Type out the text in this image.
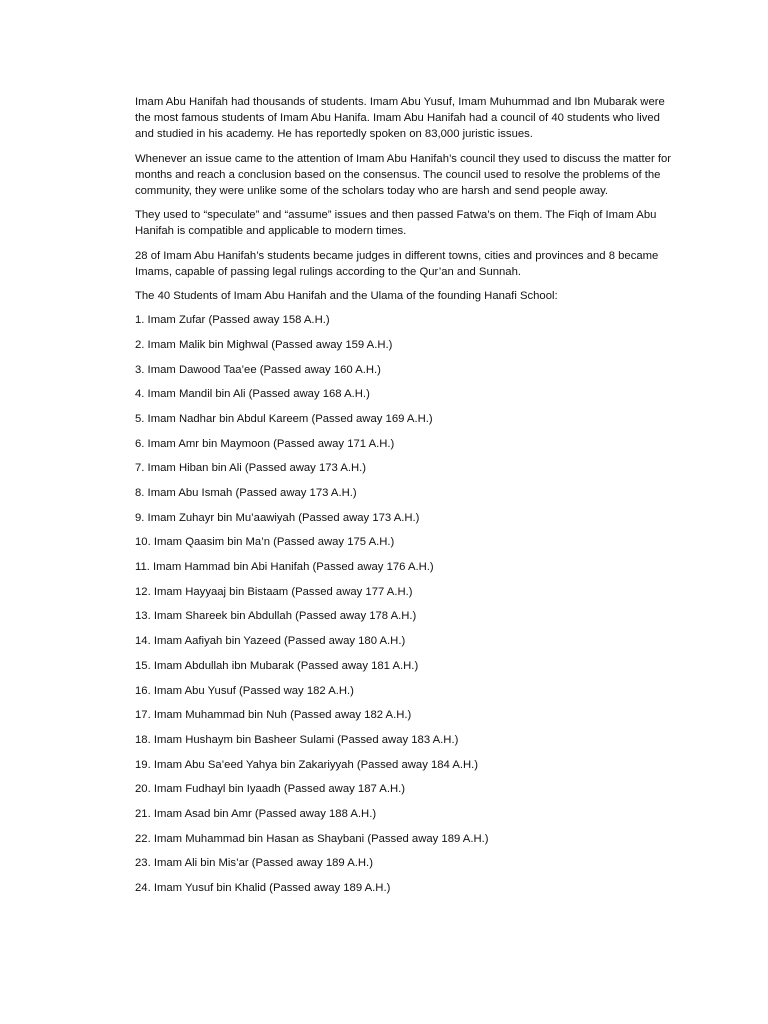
Imam Abu Hanifah had thousands of students. Imam Abu Yusuf, Imam Muhummad and Ibn Mubarak were the most famous students of Imam Abu Hanifa. Imam Abu Hanifah had a council of 40 students who lived and studied in his academy. He has reportedly spoken on 83,000 juristic issues.

Whenever an issue came to the attention of Imam Abu Hanifah’s council they used to discuss the matter for months and reach a conclusion based on the consensus. The council used to resolve the problems of the community, they were unlike some of the scholars today who are harsh and send people away.

They used to “speculate” and “assume” issues and then passed Fatwa’s on them. The Fiqh of Imam Abu Hanifah is compatible and applicable to modern times.

28 of Imam Abu Hanifah’s students became judges in different towns, cities and provinces and 8 became Imams, capable of passing legal rulings according to the Qur’an and Sunnah.

The 40 Students of Imam Abu Hanifah and the Ulama of the founding Hanafi School:

1. Imam Zufar (Passed away 158 A.H.)
2. Imam Malik bin Mighwal (Passed away 159 A.H.)
3. Imam Dawood Taa’ee (Passed away 160 A.H.)
4. Imam Mandil bin Ali (Passed away 168 A.H.)
5. Imam Nadhar bin Abdul Kareem (Passed away 169 A.H.)
6. Imam Amr bin Maymoon (Passed away 171 A.H.)
7. Imam Hiban bin Ali (Passed away 173 A.H.)
8. Imam Abu Ismah (Passed away 173 A.H.)
9. Imam Zuhayr bin Mu’aawiyah (Passed away 173 A.H.)
10. Imam Qaasim bin Ma’n (Passed away 175 A.H.)
11. Imam Hammad bin Abi Hanifah (Passed away 176 A.H.)
12. Imam Hayyaaj bin Bistaam (Passed away 177 A.H.)
13. Imam Shareek bin Abdullah (Passed away 178 A.H.)
14. Imam Aafiyah bin Yazeed (Passed away 180 A.H.)
15. Imam Abdullah ibn Mubarak (Passed away 181 A.H.)
16. Imam Abu Yusuf (Passed way 182 A.H.)
17. Imam Muhammad bin Nuh (Passed away 182 A.H.)
18. Imam Hushaym bin Basheer Sulami (Passed away 183 A.H.)
19. Imam Abu Sa’eed Yahya bin Zakariyyah (Passed away 184 A.H.)
20. Imam Fudhayl bin Iyaadh (Passed away 187 A.H.)
21. Imam Asad bin Amr (Passed away 188 A.H.)
22. Imam Muhammad bin Hasan as Shaybani (Passed away 189 A.H.)
23. Imam Ali bin Mis’ar (Passed away 189 A.H.)
24. Imam Yusuf bin Khalid (Passed away 189 A.H.)
